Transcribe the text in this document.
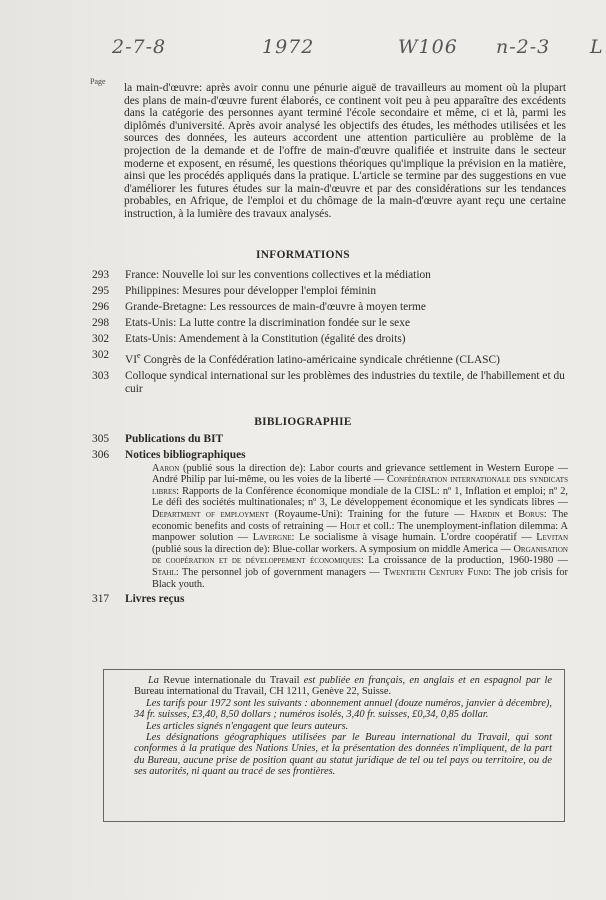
2-7-8	1972	W106 n-2-3 L
Page

la main-d'œuvre: après avoir connu une pénurie aiguë de travailleurs au moment où la plupart des plans de main-d'œuvre furent élaborés, ce continent voit peu à peu apparaître des excédents dans la catégorie des personnes ayant terminé l'école secondaire et même, ci et là, parmi les diplômés d'université. Après avoir analysé les objectifs des études, les méthodes utilisées et les sources des données, les auteurs accordent une attention particulière au problème de la projection de la demande et de l'offre de main-d'œuvre qualifiée et instruite dans le secteur moderne et exposent, en résumé, les questions théoriques qu'implique la prévision en la matière, ainsi que les procédés appliqués dans la pratique. L'article se termine par des suggestions en vue d'améliorer les futures études sur la main-d'œuvre et par des considérations sur les tendances probables, en Afrique, de l'emploi et du chômage de la main-d'œuvre ayant reçu une certaine instruction, à la lumière des travaux analysés.

INFORMATIONS
293	France: Nouvelle loi sur les conventions collectives et la médiation
295	Philippines: Mesures pour développer l'emploi féminin
296	Grande-Bretagne: Les ressources de main-d'œuvre à moyen terme
298	Etats-Unis: La lutte contre la discrimination fondée sur le sexe
302	Etats-Unis: Amendement à la Constitution (égalité des droits)
302	VIe Congrès de la Confédération latino-américaine syndicale chrétienne (CLASC)
303	Colloque syndical international sur les problèmes des industries du textile, de l'habillement et du cuir
BIBLIOGRAPHIE
305	Publications du BIT
306	Notices bibliographiques

Aaron (publié sous la direction de): Labor courts and grievance settlement in Western Europe — André Philip par lui-même, ou les voies de la liberté — Confédération internationale des syndicats libres: Rapports de la Conférence économique mondiale de la CISL: nº 1, Inflation et emploi; nº 2, Le défi des sociétés multinationales; nº 3, Le développement économique et les syndicats libres — Department of employment (Royaume-Uni): Training for the future — Hardin et Borus: The economic benefits and costs of retraining — Holt et coll.: The unemployment-inflation dilemma: A manpower solution — Lavergne: Le socialisme à visage humain. L'ordre coopératif — Levitan (publié sous la direction de): Blue-collar workers. A symposium on middle America — Organisation de coopération et de développement économiques: La croissance de la production, 1960-1980 — Stahl: The personnel job of government managers — Twentieth Century Fund: The job crisis for Black youth.

317	Livres reçus

La Revue internationale du Travail est publiée en français, en anglais et en espagnol par le Bureau international du Travail, CH 1211, Genève 22, Suisse.

Les tarifs pour 1972 sont les suivants : abonnement annuel (douze numéros, janvier à décembre), 34 fr. suisses, £3,40, 8,50 dollars ; numéros isolés, 3,40 fr. suisses, £0,34, 0,85 dollar.

Les articles signés n'engagent que leurs auteurs.

Les désignations géographiques utilisées par le Bureau international du Travail, qui sont conformes à la pratique des Nations Unies, et la présentation des données n'impliquent, de la part du Bureau, aucune prise de position quant au statut juridique de tel ou tel pays ou territoire, ou de ses autorités, ni quant au tracé de ses frontières.
